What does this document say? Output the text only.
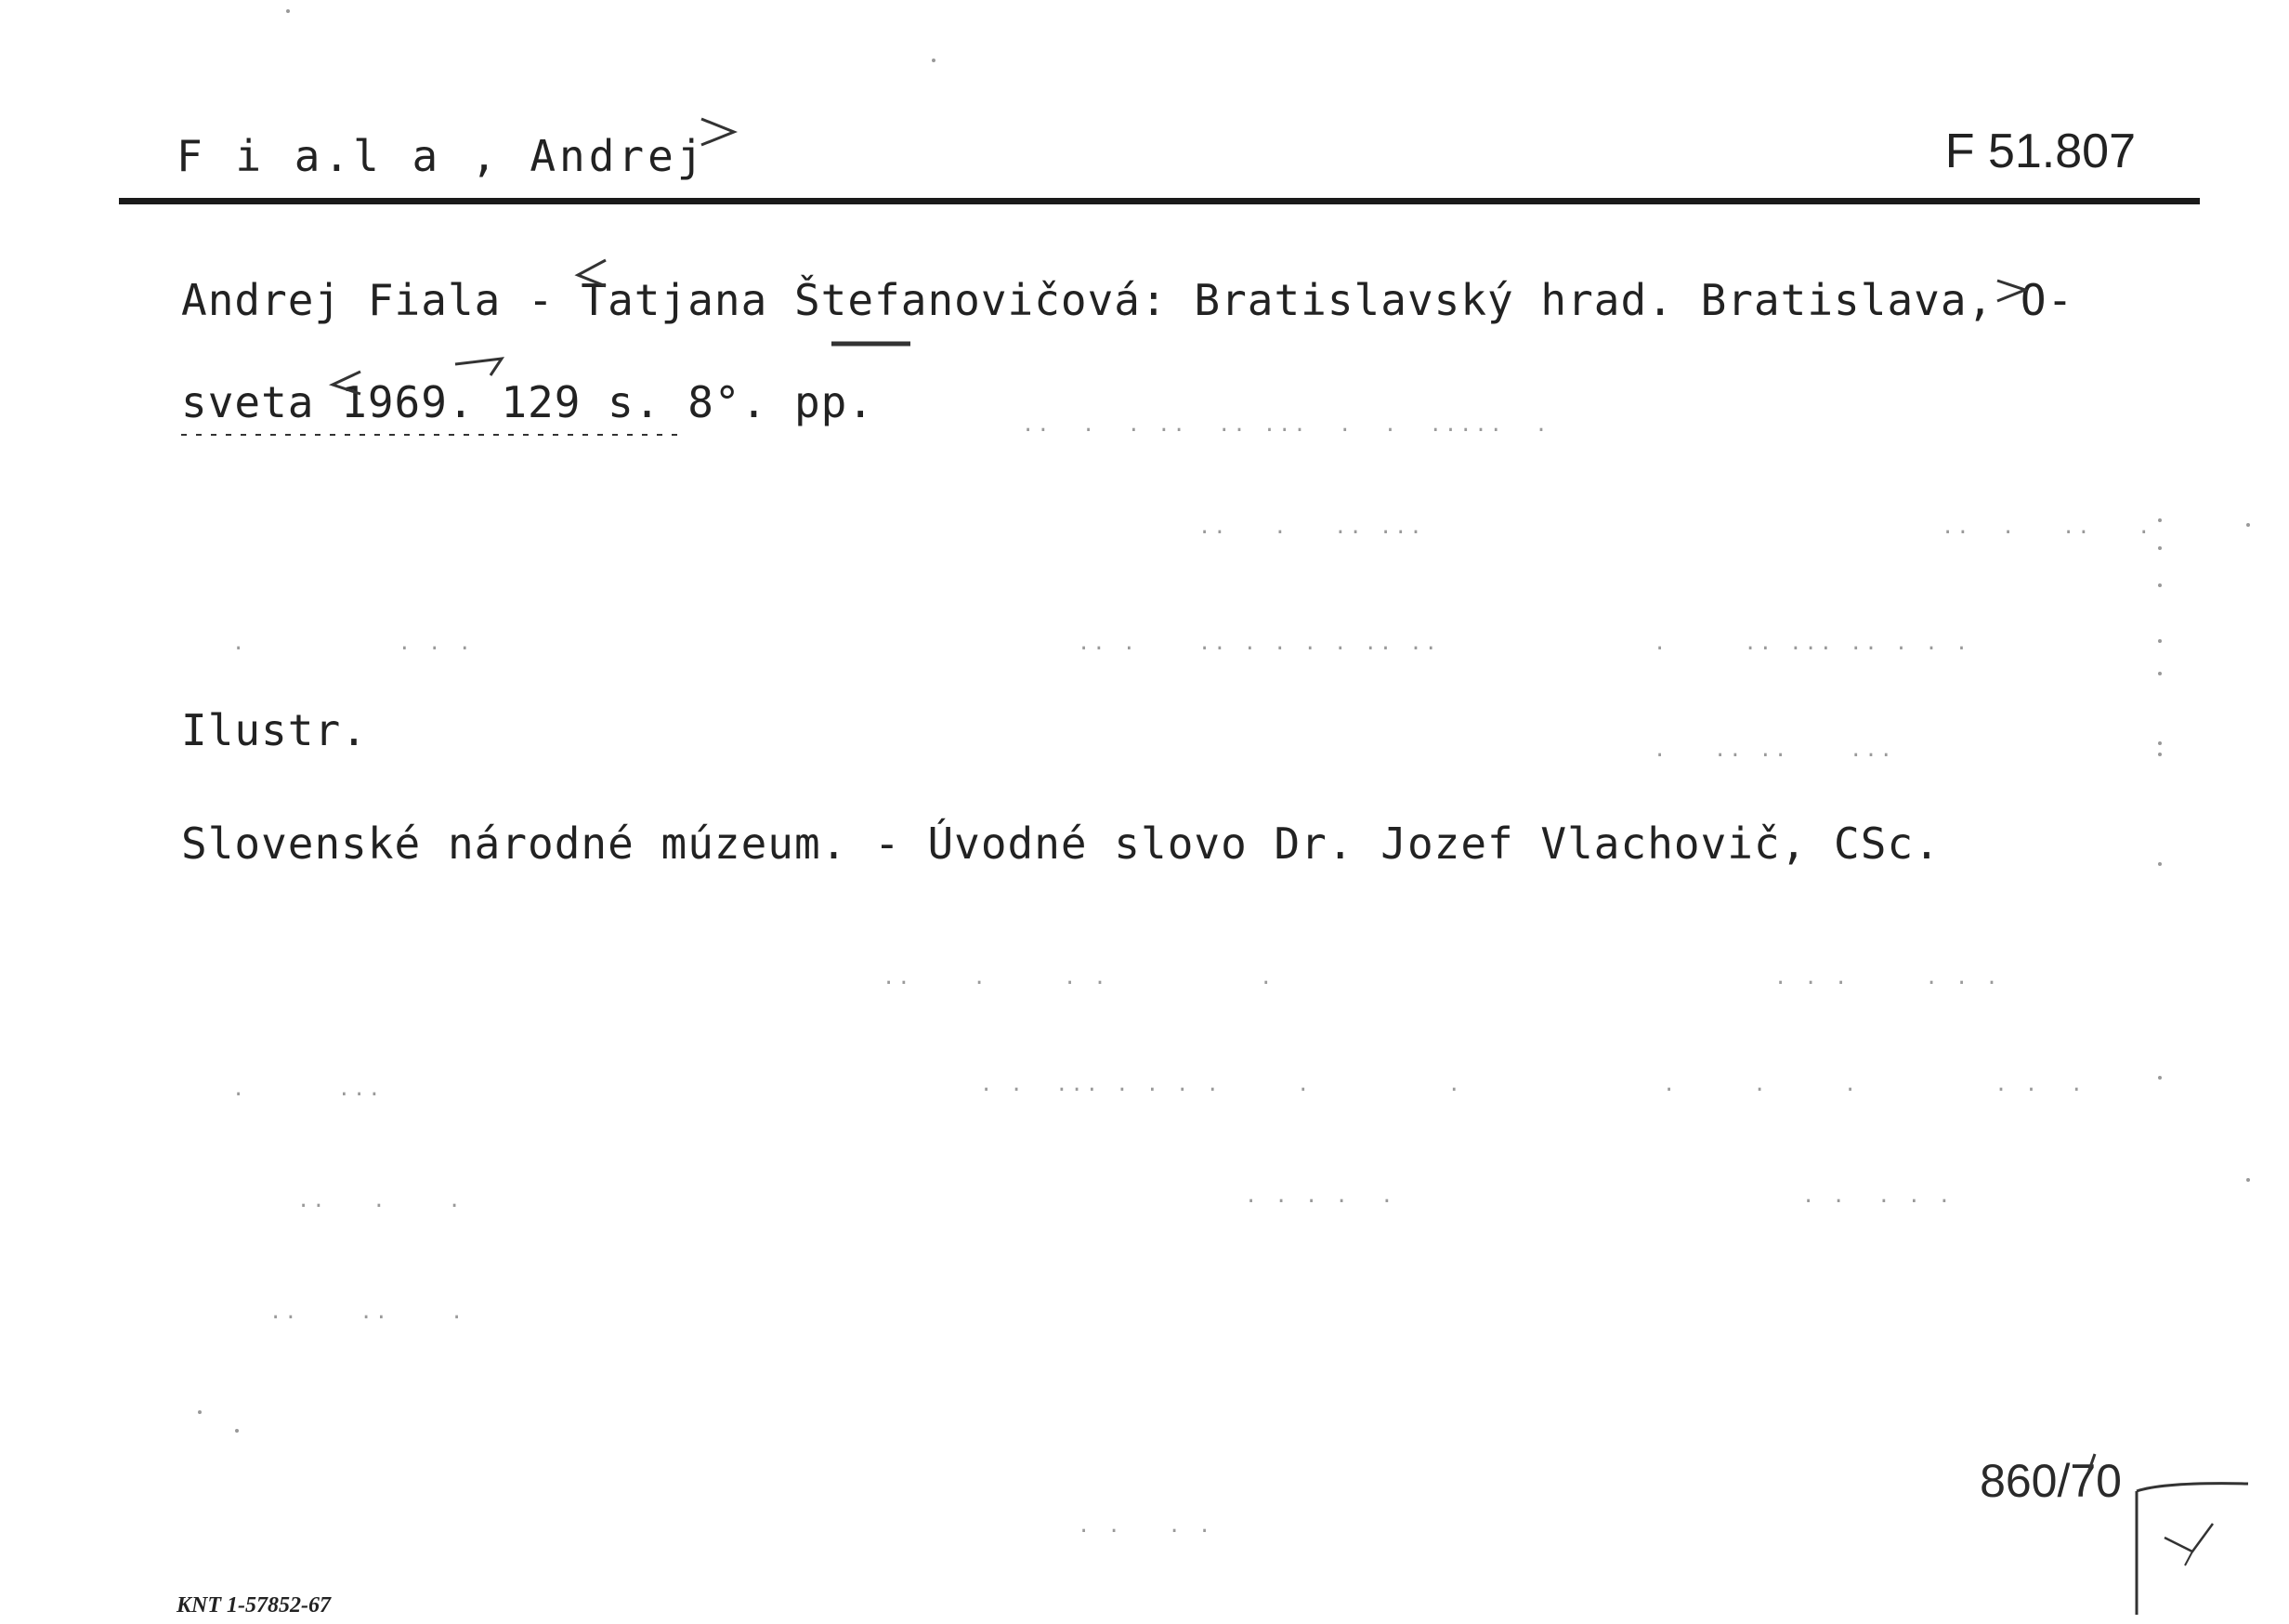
F i a.l a , Andrej	F 51.807
Andrej Fiala - Tatjana Štefanovičová: Bratislavský hrad. Bratislava, O-
sveta 1969. 129 s. 8°. pp.
Ilustr.
Slovenské národné múzeum. - Úvodné slovo Dr. Jozef Vlachovič, CSc.
860/70
KNT 1-57852-67
..  .  . ..  .. ...  .  .  .....  .
..   .   .. ...	..  .   ..   .
.          . . .	.. .    .. . . . . .. ..	.     .. ... .. . . .
.   .. ..    ...
..    .     . .          .	. . .     . . .
.      ...	. .  ... . . . .     .         .	.     .     .         . .  .
..   .    .	. . . .  .	. .  . . .
..    ..    .
. .   . .
